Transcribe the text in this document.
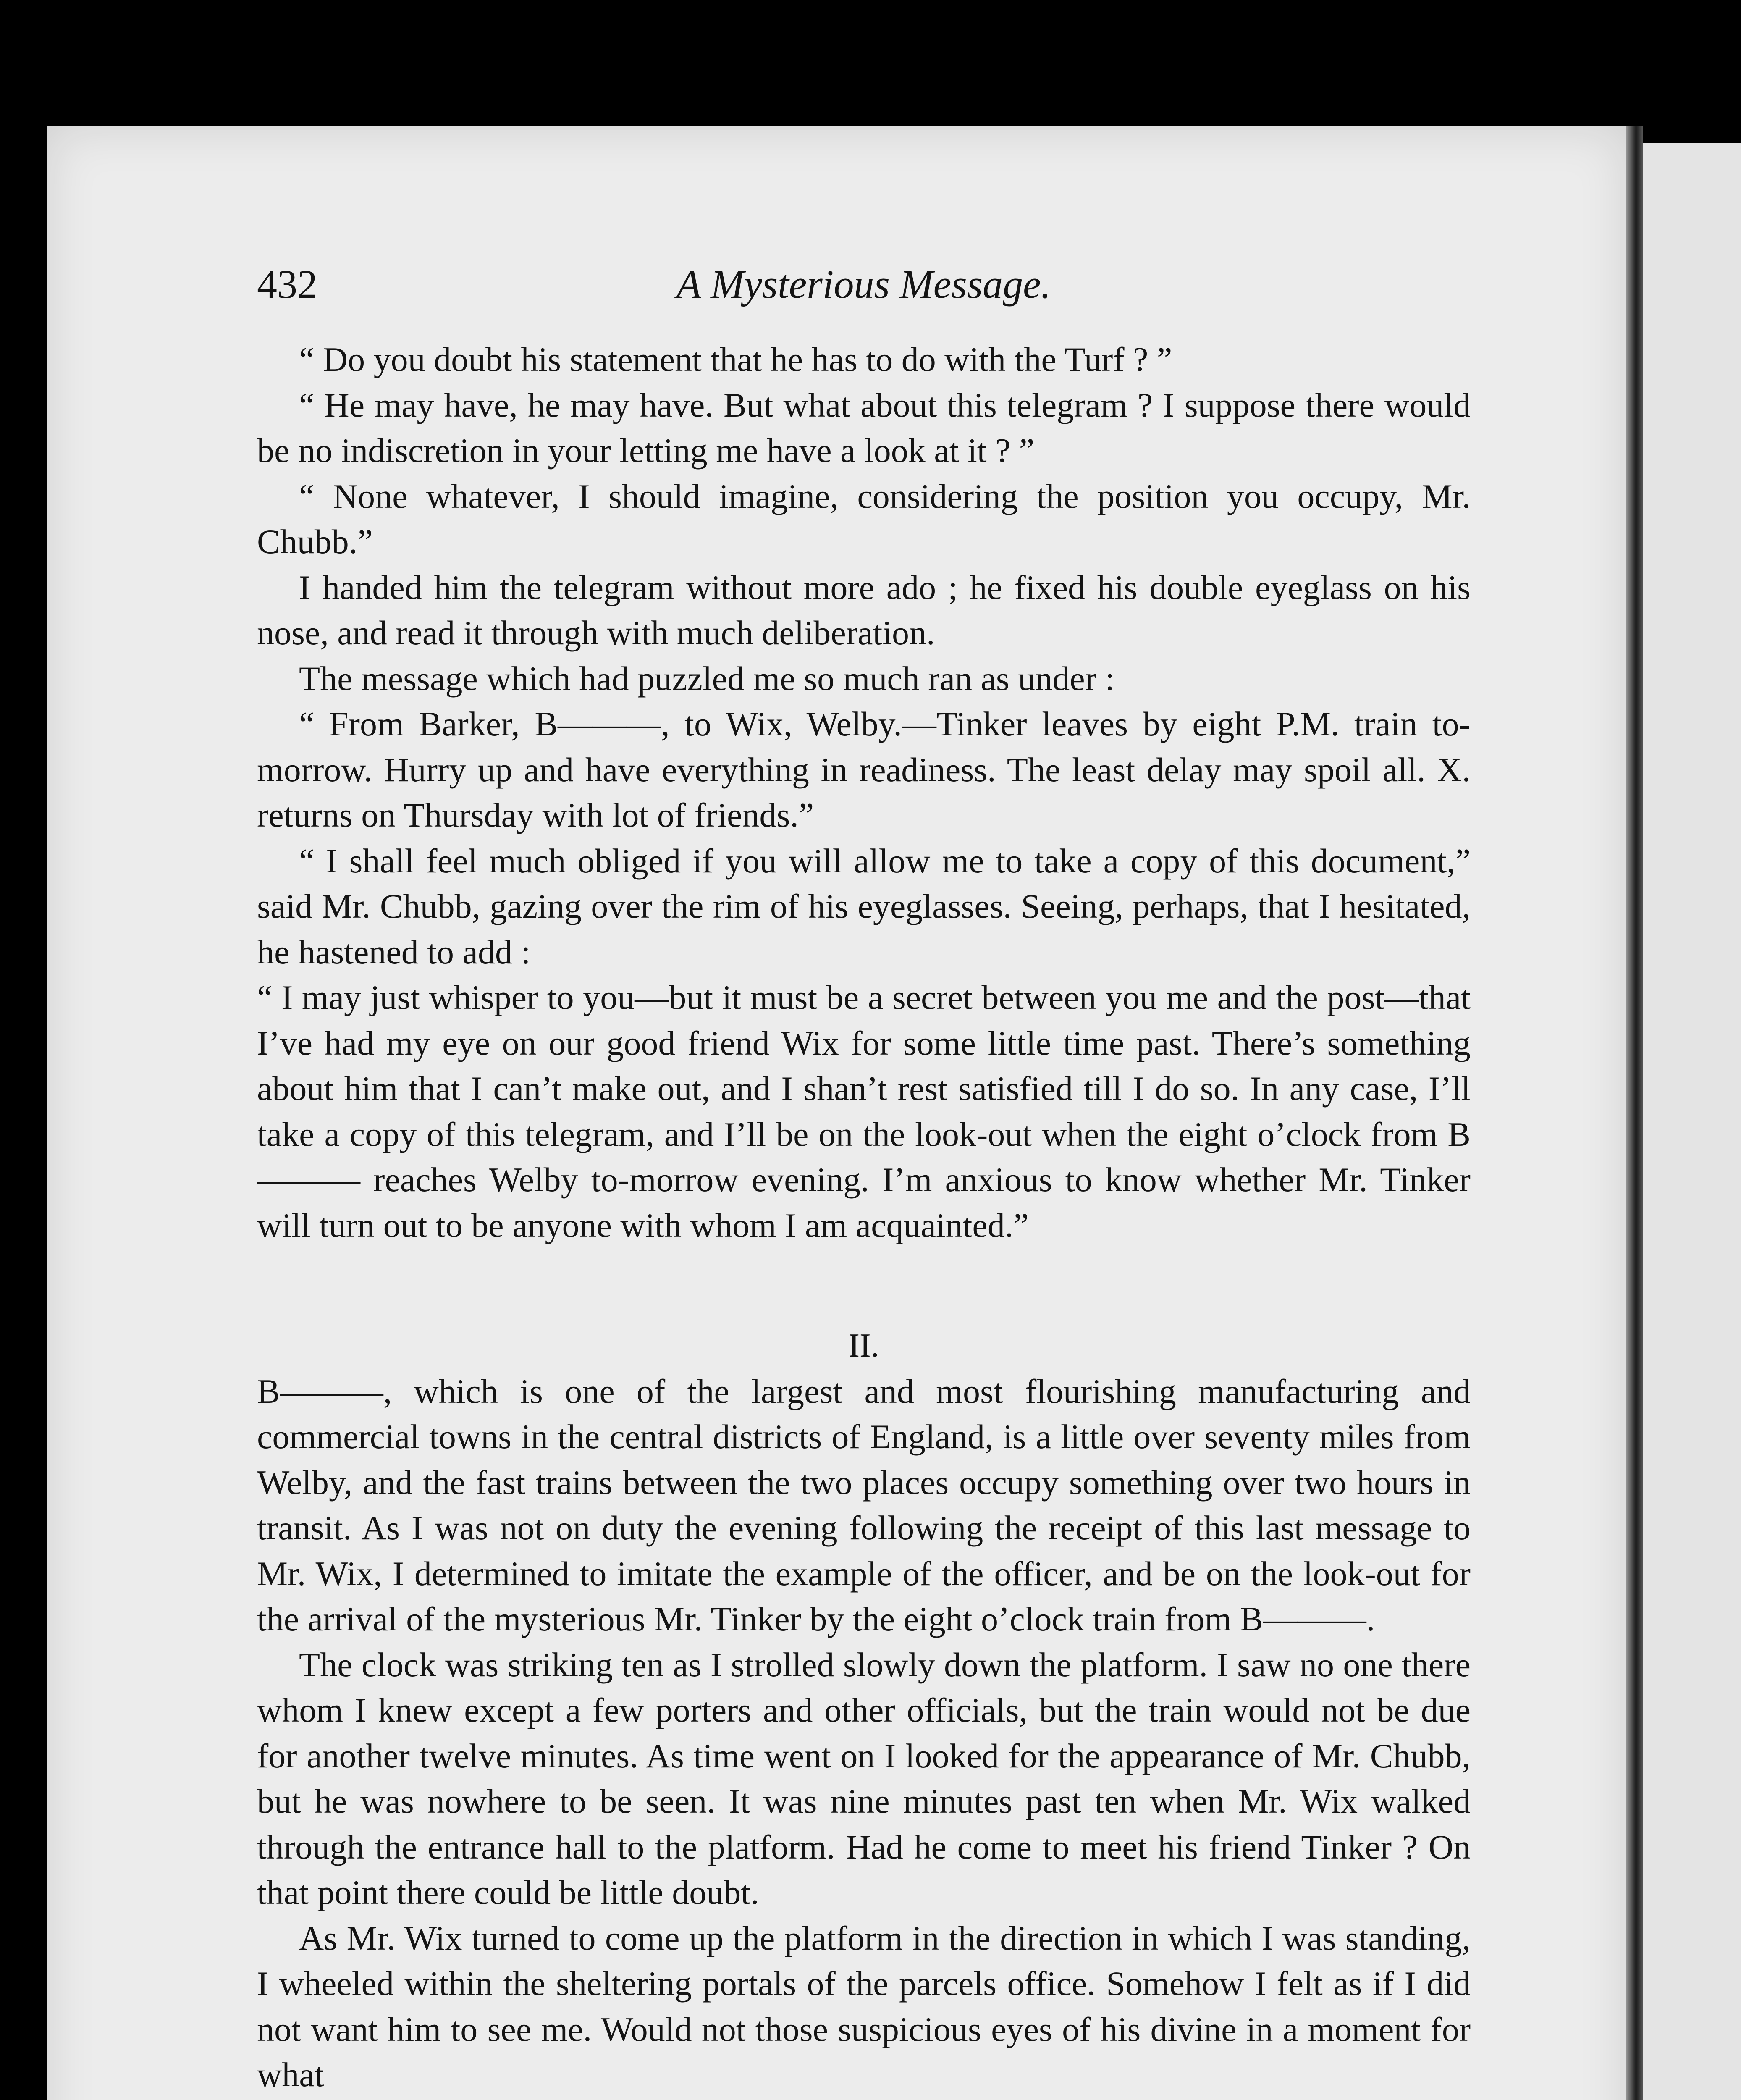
432	A Mysterious Message.

“ Do you doubt his statement that he has to do with the Turf ? ”

“ He may have, he may have. But what about this telegram ? I suppose there would be no indiscretion in your letting me have a look at it ? ”

“ None whatever, I should imagine, considering the position you occupy, Mr. Chubb.”

I handed him the telegram without more ado ; he fixed his double eyeglass on his nose, and read it through with much deliberation.

The message which had puzzled me so much ran as under :

“ From Barker, B———, to Wix, Welby.—Tinker leaves by eight P.M. train to-morrow. Hurry up and have everything in readiness. The least delay may spoil all. X. returns on Thursday with lot of friends.”

“ I shall feel much obliged if you will allow me to take a copy of this document,” said Mr. Chubb, gazing over the rim of his eyeglasses. Seeing, perhaps, that I hesitated, he hastened to add :

“ I may just whisper to you—but it must be a secret between you me and the post—that I’ve had my eye on our good friend Wix for some little time past. There’s something about him that I can’t make out, and I shan’t rest satisfied till I do so. In any case, I’ll take a copy of this telegram, and I’ll be on the look-out when the eight o’clock from B——— reaches Welby to-morrow evening. I’m anxious to know whether Mr. Tinker will turn out to be anyone with whom I am acquainted.”

II.

B———, which is one of the largest and most flourishing manufacturing and commercial towns in the central districts of England, is a little over seventy miles from Welby, and the fast trains between the two places occupy something over two hours in transit. As I was not on duty the evening following the receipt of this last message to Mr. Wix, I determined to imitate the example of the officer, and be on the look-out for the arrival of the mysterious Mr. Tinker by the eight o’clock train from B———.

The clock was striking ten as I strolled slowly down the platform. I saw no one there whom I knew except a few porters and other officials, but the train would not be due for another twelve minutes. As time went on I looked for the appearance of Mr. Chubb, but he was nowhere to be seen. It was nine minutes past ten when Mr. Wix walked through the entrance hall to the platform. Had he come to meet his friend Tinker ? On that point there could be little doubt.

As Mr. Wix turned to come up the platform in the direction in which I was standing, I wheeled within the sheltering portals of the parcels office. Somehow I felt as if I did not want him to see me. Would not those suspicious eyes of his divine in a moment for what
